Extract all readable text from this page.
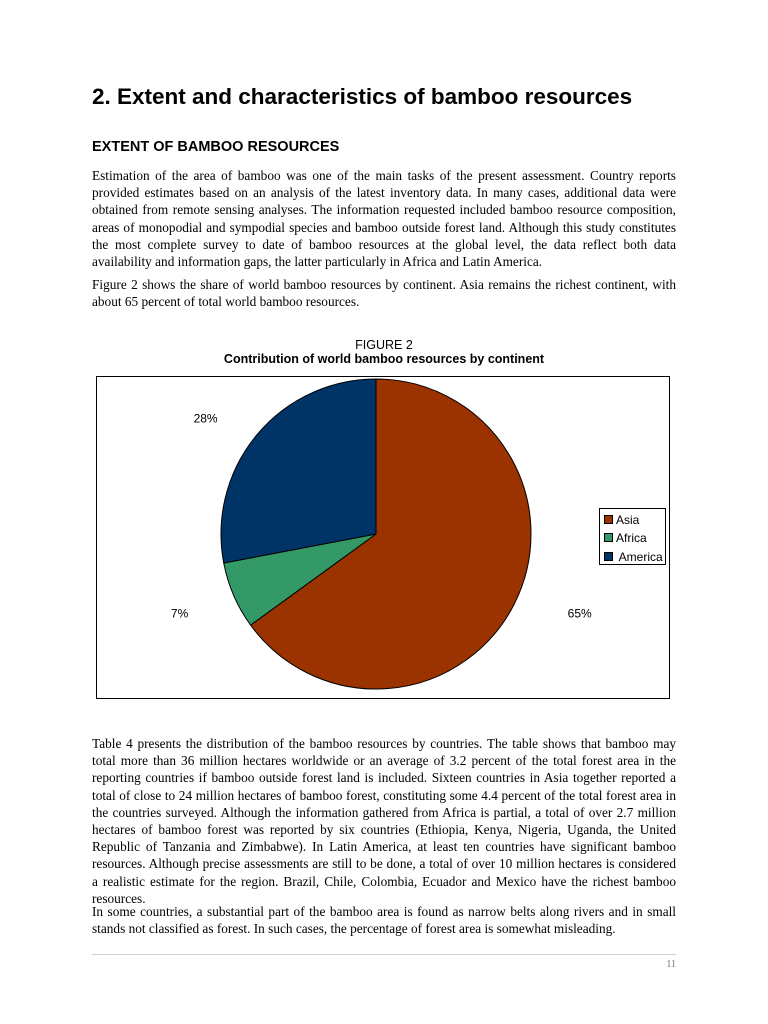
2. Extent and characteristics of bamboo resources
EXTENT OF BAMBOO RESOURCES

Estimation of the area of bamboo was one of the main tasks of the present assessment. Country reports provided estimates based on an analysis of the latest inventory data. In many cases, additional data were obtained from remote sensing analyses. The information requested included bamboo resource composition, areas of monopodial and sympodial species and bamboo outside forest land. Although this study constitutes the most complete survey to date of bamboo resources at the global level, the data reflect both data availability and information gaps, the latter particularly in Africa and Latin America.

Figure 2 shows the share of world bamboo resources by continent. Asia remains the richest continent, with about 65 percent of total world bamboo resources.

FIGURE 2
Contribution of world bamboo resources by continent
65%
7%
28%
Asia
Africa
America

Table 4 presents the distribution of the bamboo resources by countries. The table shows that bamboo may total more than 36 million hectares worldwide or an average of 3.2 percent of the total forest area in the reporting countries if bamboo outside forest land is included. Sixteen countries in Asia together reported a total of close to 24 million hectares of bamboo forest, constituting some 4.4 percent of the total forest area in the countries surveyed. Although the information gathered from Africa is partial, a total of over 2.7 million hectares of bamboo forest was reported by six countries (Ethiopia, Kenya, Nigeria, Uganda, the United Republic of Tanzania and Zimbabwe). In Latin America, at least ten countries have significant bamboo resources. Although precise assessments are still to be done, a total of over 10 million hectares is considered a realistic estimate for the region. Brazil, Chile, Colombia, Ecuador and Mexico have the richest bamboo resources.

In some countries, a substantial part of the bamboo area is found as narrow belts along rivers and in small stands not classified as forest. In such cases, the percentage of forest area is somewhat misleading.

11
